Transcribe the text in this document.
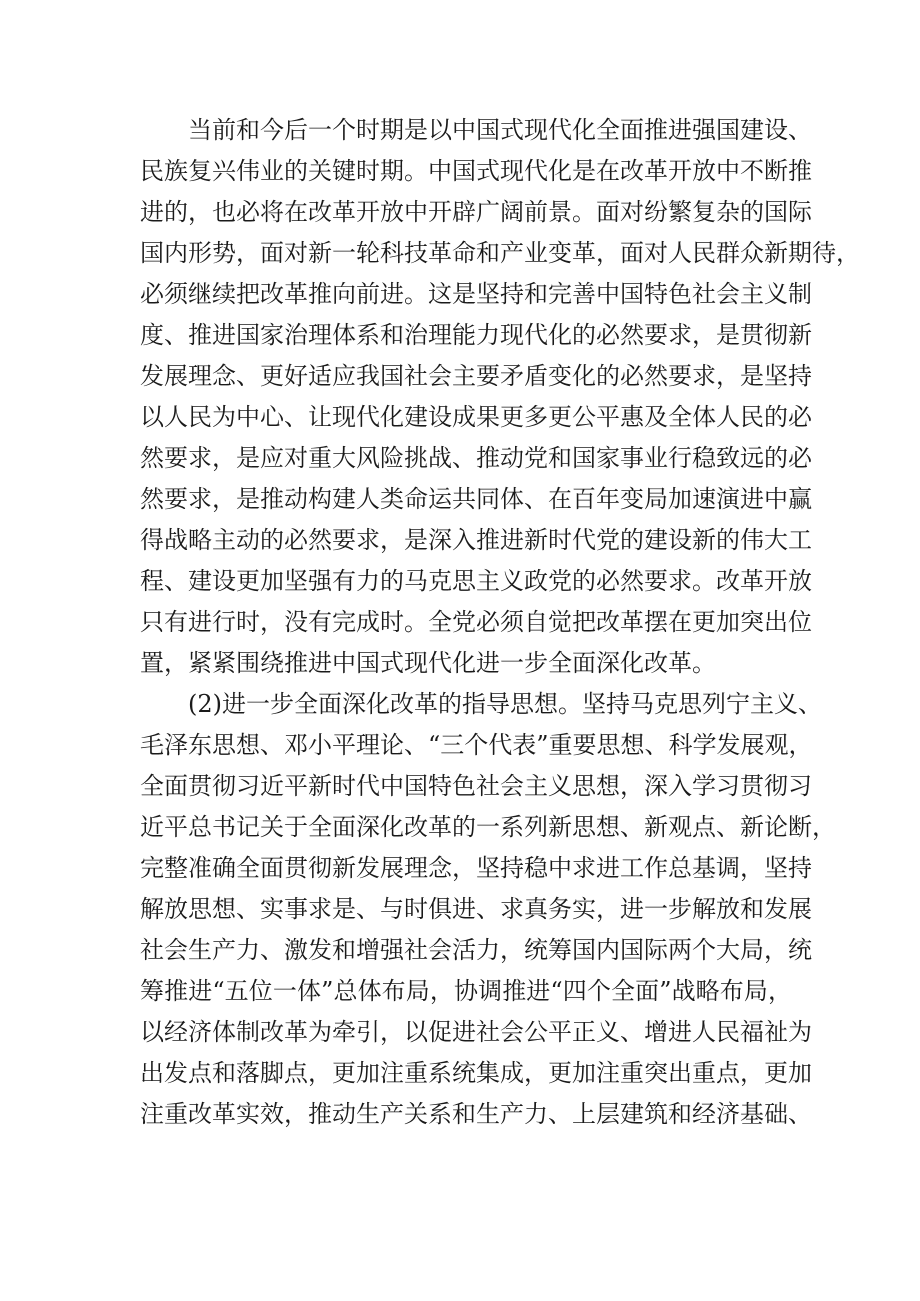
当前和今后一个时期是以中国式现代化全面推进强国建设、
民族复兴伟业的关键时期。中国式现代化是在改革开放中不断推
进的，也必将在改革开放中开辟广阔前景。面对纷繁复杂的国际
国内形势，面对新一轮科技革命和产业变革，面对人民群众新期待，
必须继续把改革推向前进。这是坚持和完善中国特色社会主义制
度、推进国家治理体系和治理能力现代化的必然要求，是贯彻新
发展理念、更好适应我国社会主要矛盾变化的必然要求，是坚持
以人民为中心、让现代化建设成果更多更公平惠及全体人民的必
然要求，是应对重大风险挑战、推动党和国家事业行稳致远的必
然要求，是推动构建人类命运共同体、在百年变局加速演进中赢
得战略主动的必然要求，是深入推进新时代党的建设新的伟大工
程、建设更加坚强有力的马克思主义政党的必然要求。改革开放
只有进行时，没有完成时。全党必须自觉把改革摆在更加突出位
置，紧紧围绕推进中国式现代化进一步全面深化改革。
(2)进一步全面深化改革的指导思想。坚持马克思列宁主义、
毛泽东思想、邓小平理论、“三个代表”重要思想、科学发展观，
全面贯彻习近平新时代中国特色社会主义思想，深入学习贯彻习
近平总书记关于全面深化改革的一系列新思想、新观点、新论断，
完整准确全面贯彻新发展理念，坚持稳中求进工作总基调，坚持
解放思想、实事求是、与时俱进、求真务实，进一步解放和发展
社会生产力、激发和增强社会活力，统筹国内国际两个大局，统
筹推进“五位一体”总体布局，协调推进“四个全面”战略布局，
以经济体制改革为牵引，以促进社会公平正义、增进人民福祉为
出发点和落脚点，更加注重系统集成，更加注重突出重点，更加
注重改革实效，推动生产关系和生产力、上层建筑和经济基础、
